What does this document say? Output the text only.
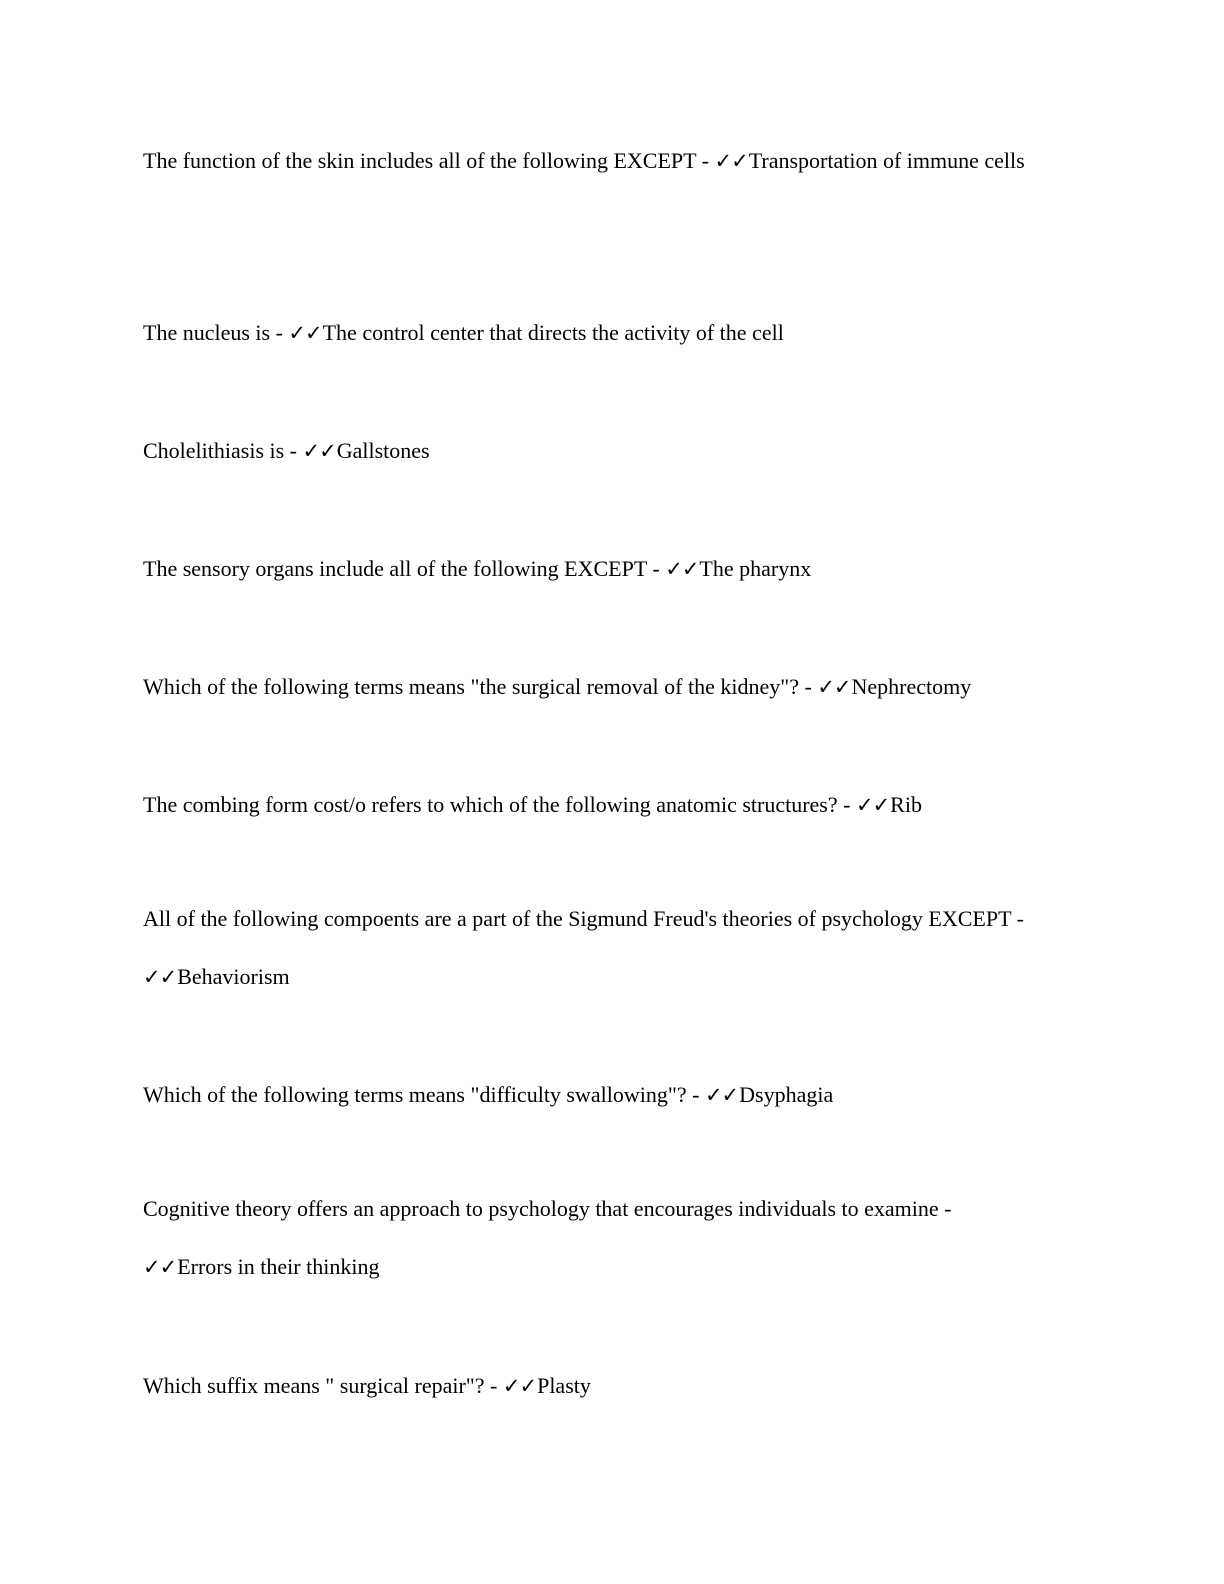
The function of the skin includes all of the following EXCEPT - ✓✓Transportation of immune cells

The nucleus is - ✓✓The control center that directs the activity of the cell

Cholelithiasis is - ✓✓Gallstones

The sensory organs include all of the following EXCEPT - ✓✓The pharynx

Which of the following terms means "the surgical removal of the kidney"? - ✓✓Nephrectomy

The combing form cost/o refers to which of the following anatomic structures? - ✓✓Rib

All of the following compoents are a part of the Sigmund Freud's theories of psychology EXCEPT - ✓✓Behaviorism

Which of the following terms means "difficulty swallowing"? - ✓✓Dsyphagia

Cognitive theory offers an approach to psychology that encourages individuals to examine - ✓✓Errors in their thinking

Which suffix means " surgical repair"? - ✓✓Plasty
